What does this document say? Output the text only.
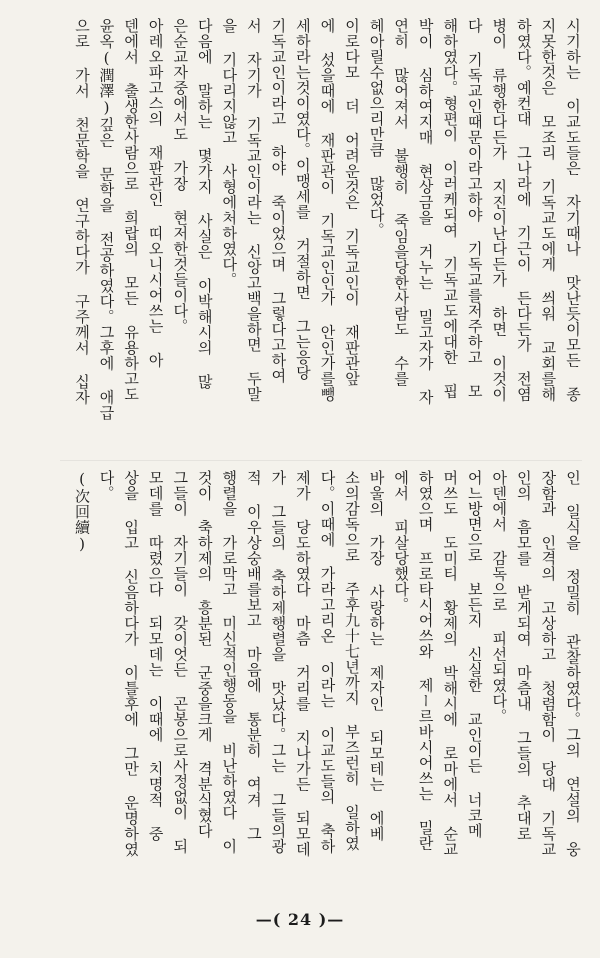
시기하는 이교도들은 자기때나 맛난듯이모든 종
지못한것은 모조리 기독교도에게 씌워 교회를해
하였다。예컨대 그나라에 기근이 든다든가 전염
병이 류행한다든가 지진이난다든가 하면 이것이
다 기독교인때문이라고하야 기독교를저주하고 모
해하였다。형편이 이러케되여 기독교도에대한 핍
박이 심하여지매 현상금을 거누는 밀고자가 자
연히 많어져서 불행히 죽임을당한사람도 수를
헤아릴수없으리만큼 많었다。
이로다모 더 어려운것은 기독교인이 재판관앞
에 섰을때에 재판관이 기독교인인가 안인가를뺑
세하라는것이였다。이맹세를 거절하면 그는응당
기독교인이라고 하야 죽이었으며 그렇다고하여
서 자기가 기독교인이라는 신앙고백을하면 두말
을 기다리지않고 사형에처하였다。
다음에 말하는 몇가지 사실은 이박해시의 많
은순교자중에서도 가장 현저한것들이다。
아레오파고스의 재판관인 띠오니시어쓰는 아
덴에서 출생한사람으로 희랍의 모든 유용하고도
윤옥(潤澤)깊은 문학을 전공하였다。그후에 애급
으로 가서 천문학을 연구하다가 구주께서 십자
인 일식을 정밀히 관찰하였다。그의 연설의 웅
장함과 인격의 고상하고 청렴함이 당대 기독교
인의 흠모를 받게되여 마츰내 그들의 추대로
아덴에서 감독으로 피선되였다。
어느방면으로 보든지 신실한 교인이든 너코메
머쓰도 도미티 황제의 박해시에 로마에서 순교
하였으며 프로타시어쓰와 제ー르바시어쓰는 밀란
에서 피살당했다。
바울의 가장 사랑하는 제자인 되모테는 에베
소의감독으로 주후九十七년까지 부즈런히 일하였
다。이때에 가라고리온 이라는 이교도들의 축하
제가 당도하였다 마츰 거리를 지나가든 되모데
가 그들의 축하제행렬을 맛났다。그는 그들의광
적 이우상숭배를보고 마음에 통분히 여겨 그
행렬을 가로막고 미신적인행동을 비난하였다 이
것이 축하제의 흥분된 군중을크게 격분식혔다
그들이 자기들이 갖이엇든 곤봉으로사정없이 되
모데를 따렸으다 되모데는 이때에 치명적 중
상을 입고 신음하다가 이틀후에 그만 운명하였
다。
(次回續)
—( 24 )—
